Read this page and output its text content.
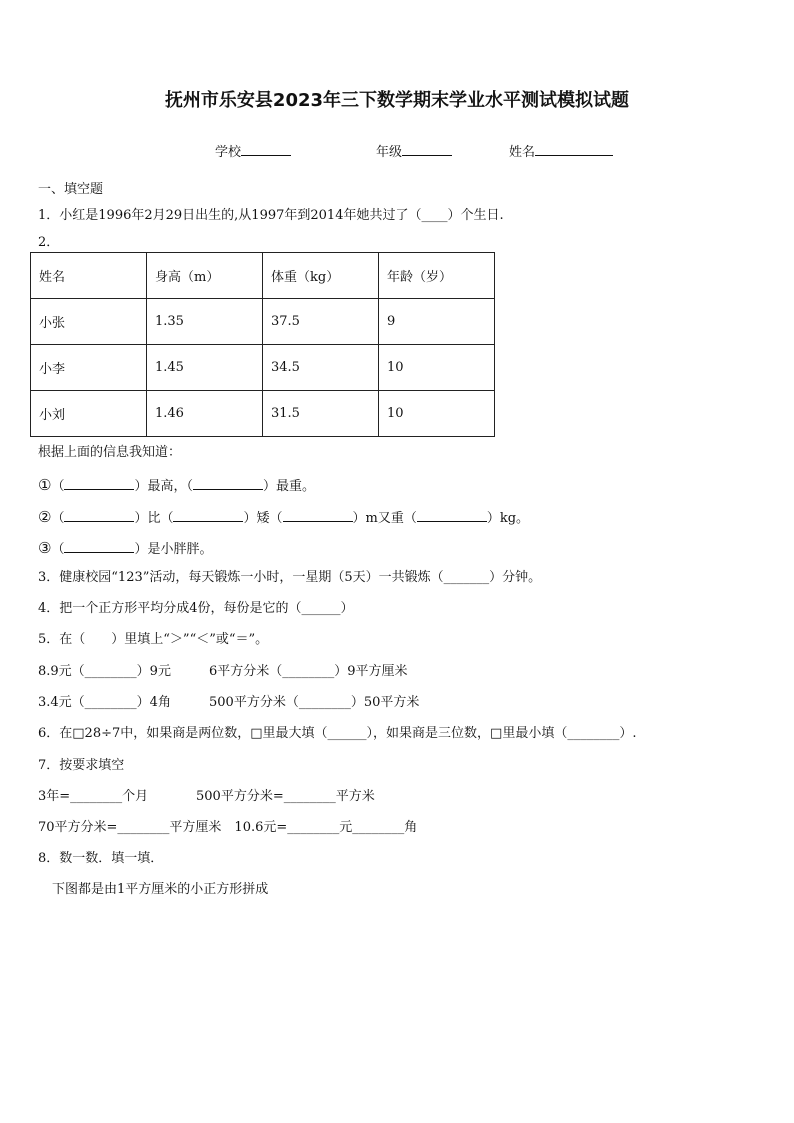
抚州市乐安县2023年三下数学期末学业水平测试模拟试题
学校	年级	姓名
一、填空题
1．小红是1996年2月29日出生的,从1997年到2014年她共过了（____）个生日.
2．
姓名	身高（m）	体重（kg）	年龄（岁）
小张	1.35	37.5	9
小李	1.45	34.5	10
小刘	1.46	31.5	10
根据上面的信息我知道：
①（	）最高，（	）最重。
②（	）比（	）矮（	）m又重（	）kg。
③（	）是小胖胖。
3．健康校园“123”活动，每天锻炼一小时，一星期（5天）一共锻炼（_______）分钟。
4．把一个正方形平均分成4份，每份是它的（______）
5．在（　　）里填上“＞”“＜”或“＝”。
8.9元（________）9元	6平方分米（________）9平方厘米
3.4元（________）4角	500平方分米（________）50平方米
6．在□28÷7中，如果商是两位数，□里最大填（______），如果商是三位数，□里最小填（________）.
7．按要求填空
3年=________个月	500平方分米=________平方米
70平方分米=________平方厘米　10.6元=________元________角
8．数一数．填一填．
下图都是由1平方厘米的小正方形拼成
